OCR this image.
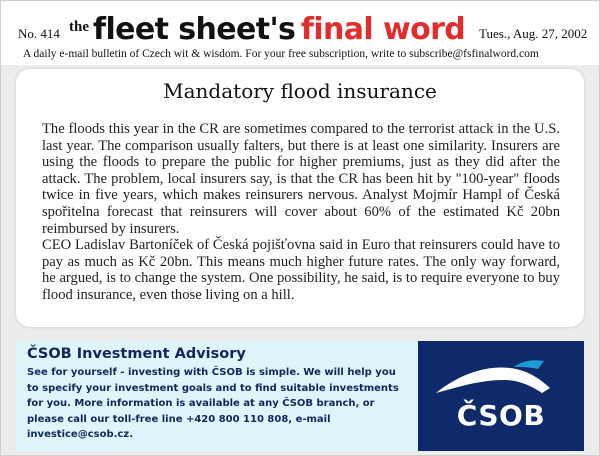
No. 414 the fleet sheet's final word Tues., Aug. 27, 2002
A daily e-mail bulletin of Czech wit & wisdom. For your free subscription, write to subscribe@fsfinalword.com
Mandatory flood insurance

The floods this year in the CR are sometimes compared to the terrorist attack in the U.S. last year. The comparison usually falters, but there is at least one similarity. Insurers are using the floods to prepare the public for higher premiums, just as they did after the attack. The problem, local insurers say, is that the CR has been hit by "100-year" floods twice in five years, which makes reinsurers nervous. Analyst Mojmír Hampl of Česká spořitelna forecast that reinsurers will cover about 60% of the estimated Kč 20bn reimbursed by insurers.

CEO Ladislav Bartoníček of Česká pojišťovna said in Euro that reinsurers could have to pay as much as Kč 20bn. This means much higher future rates. The only way forward, he argued, is to change the system. One possibility, he said, is to require everyone to buy flood insurance, even those living on a hill.

ČSOB Investment Advisory
See for yourself - investing with ČSOB is simple. We will help you to specify your investment goals and to find suitable investments for you. More information is available at any ČSOB branch, or please call our toll-free line +420 800 110 808, e-mail investice@csob.cz.
ČSOB
